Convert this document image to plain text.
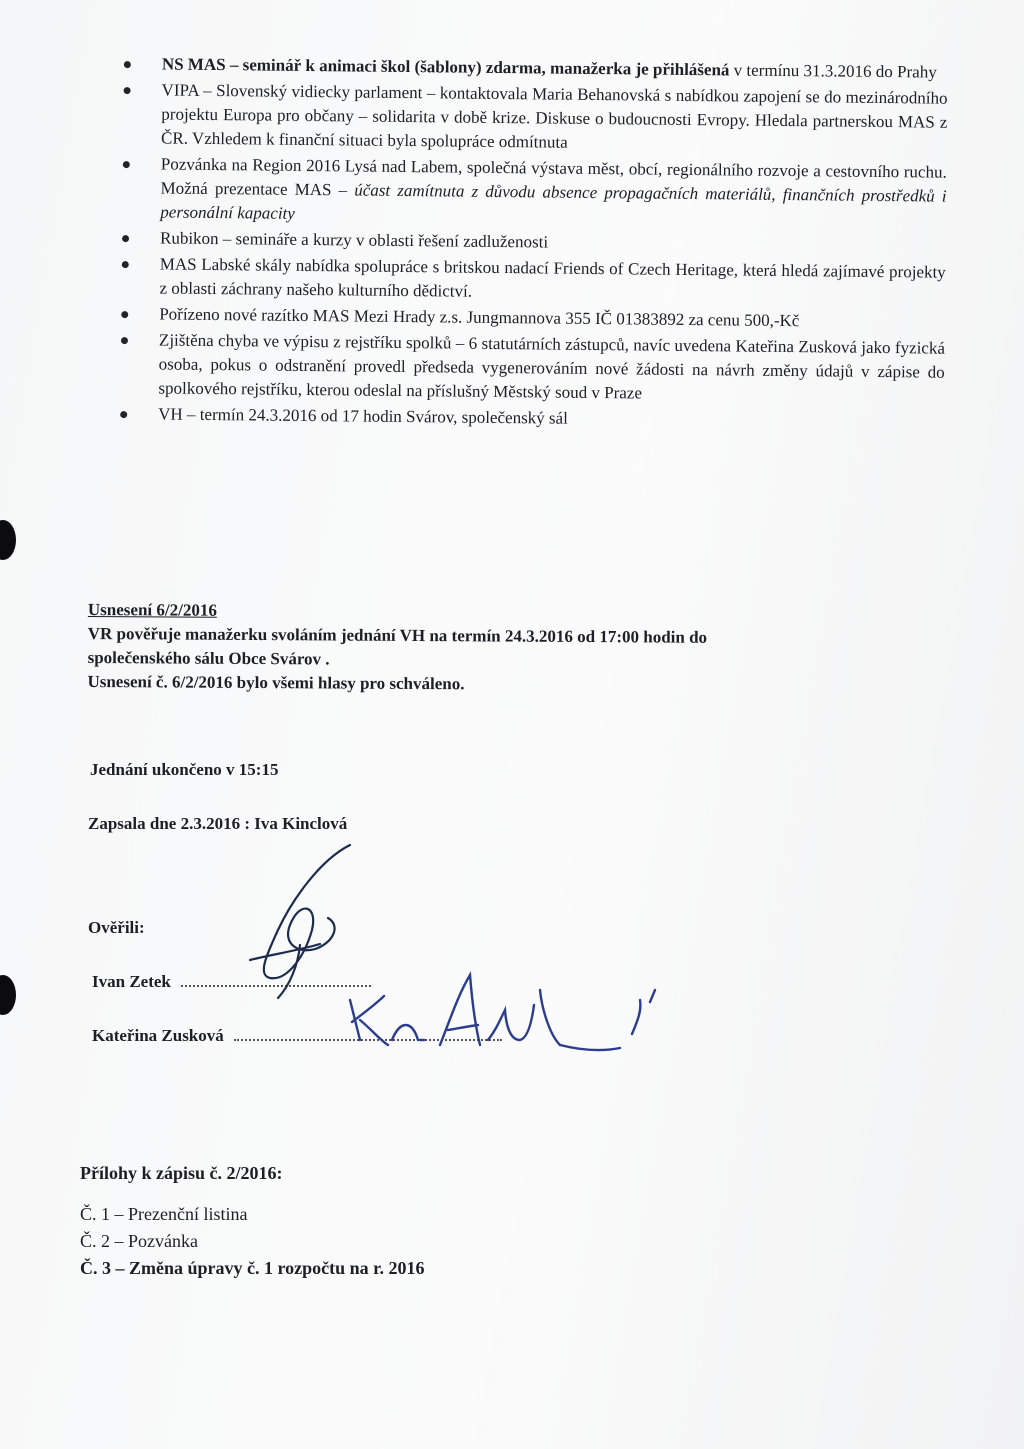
NS MAS – seminář k animaci škol (šablony) zdarma, manažerka je přihlášená v termínu 31.3.2016 do Prahy
VIPA – Slovenský vidiecky parlament – kontaktovala Maria Behanovská s nabídkou zapojení se do mezinárodního projektu Europa pro občany – solidarita v době krize. Diskuse o budoucnosti Evropy. Hledala partnerskou MAS z ČR. Vzhledem k finanční situaci byla spolupráce odmítnuta
Pozvánka na Region 2016 Lysá nad Labem, společná výstava měst, obcí, regionálního rozvoje a cestovního ruchu. Možná prezentace MAS – účast zamítnuta z důvodu absence propagačních materiálů, finančních prostředků i personální kapacity
Rubikon – semináře a kurzy v oblasti řešení zadluženosti
MAS Labské skály nabídka spolupráce s britskou nadací Friends of Czech Heritage, která hledá zajímavé projekty z oblasti záchrany našeho kulturního dědictví.
Pořízeno nové razítko MAS Mezi Hrady z.s. Jungmannova 355 IČ 01383892 za cenu 500,-Kč
Zjištěna chyba ve výpisu z rejstříku spolků – 6 statutárních zástupců, navíc uvedena Kateřina Zusková jako fyzická osoba, pokus o odstranění provedl předseda vygenerováním nové žádosti na návrh změny údajů v zápise do spolkového rejstříku, kterou odeslal na příslušný Městský soud v Praze
VH – termín 24.3.2016 od 17 hodin Svárov, společenský sál
Usnesení 6/2/2016
VR pověřuje manažerku svoláním jednání VH na termín 24.3.2016 od 17:00 hodin do
společenského sálu Obce Svárov .
Usnesení č. 6/2/2016 bylo všemi hlasy pro schváleno.
Jednání ukončeno v 15:15
Zapsala dne 2.3.2016 : Iva Kinclová
Ověřili:
Ivan Zetek
Kateřina Zusková
Přílohy k zápisu č. 2/2016:
Č. 1 – Prezenční listina
Č. 2 – Pozvánka
Č. 3 – Změna úpravy č. 1 rozpočtu na r. 2016
